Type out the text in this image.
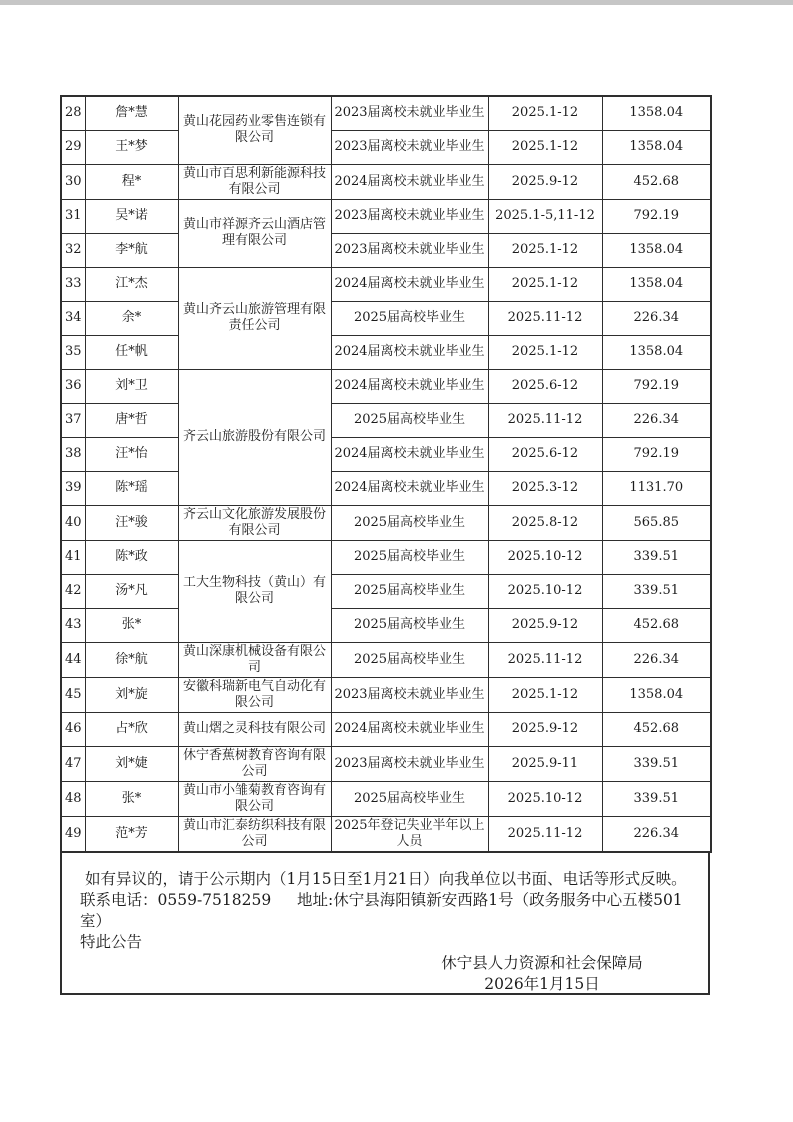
28	詹*慧	黄山花园药业零售连锁有限公司	2023届离校未就业毕业生	2025.1-12	1358.04
29	王*梦		2023届离校未就业毕业生	2025.1-12	1358.04
30	程*	黄山市百思利新能源科技有限公司	2024届离校未就业毕业生	2025.9-12	452.68
31	吴*诺	黄山市祥源齐云山酒店管理有限公司	2023届离校未就业毕业生	2025.1-5,11-12	792.19
32	李*航		2023届离校未就业毕业生	2025.1-12	1358.04
33	江*杰	黄山齐云山旅游管理有限责任公司	2024届离校未就业毕业生	2025.1-12	1358.04
34	余*		2025届高校毕业生	2025.11-12	226.34
35	任*帆		2024届离校未就业毕业生	2025.1-12	1358.04
36	刘*卫	齐云山旅游股份有限公司	2024届离校未就业毕业生	2025.6-12	792.19
37	唐*哲		2025届高校毕业生	2025.11-12	226.34
38	汪*怡		2024届离校未就业毕业生	2025.6-12	792.19
39	陈*瑶		2024届离校未就业毕业生	2025.3-12	1131.70
40	汪*骏	齐云山文化旅游发展股份有限公司	2025届高校毕业生	2025.8-12	565.85
41	陈*政	工大生物科技（黄山）有限公司	2025届高校毕业生	2025.10-12	339.51
42	汤*凡		2025届高校毕业生	2025.10-12	339.51
43	张*		2025届高校毕业生	2025.9-12	452.68
44	徐*航	黄山深康机械设备有限公司	2025届高校毕业生	2025.11-12	226.34
45	刘*旋	安徽科瑞新电气自动化有限公司	2023届离校未就业毕业生	2025.1-12	1358.04
46	占*欣	黄山熠之灵科技有限公司	2024届离校未就业毕业生	2025.9-12	452.68
47	刘*婕	休宁香蕉树教育咨询有限公司	2023届离校未就业毕业生	2025.9-11	339.51
48	张*	黄山市小雏菊教育咨询有限公司	2025届高校毕业生	2025.10-12	339.51
49	范*芳	黄山市汇泰纺织科技有限公司	2025年登记失业半年以上人员	2025.11-12	226.34
如有异议的，请于公示期内（1月15日至1月21日）向我单位以书面、电话等形式反映。
联系电话：0559-7518259 地址:休宁县海阳镇新安西路1号（政务服务中心五楼501室）
特此公告
休宁县人力资源和社会保障局
2026年1月15日
